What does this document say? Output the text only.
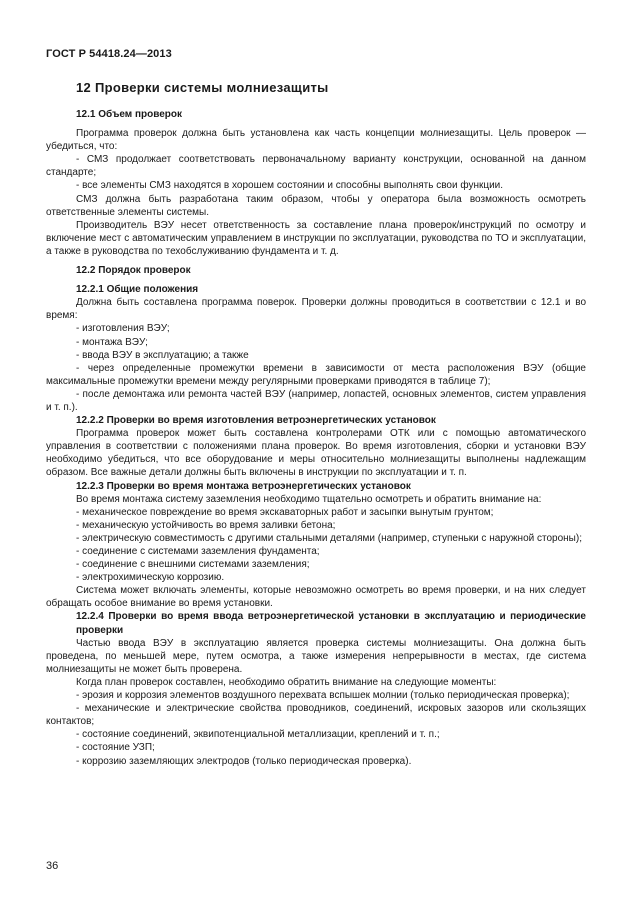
ГОСТ Р 54418.24—2013
12 Проверки системы молниезащиты
12.1 Объем проверок

Программа проверок должна быть установлена как часть концепции молниезащиты. Цель проверок — убедиться, что:

- СМЗ продолжает соответствовать первоначальному варианту конструкции, основанной на данном стандарте;

- все элементы СМЗ находятся в хорошем состоянии и способны выполнять свои функции.

СМЗ должна быть разработана таким образом, чтобы у оператора была возможность осмотреть ответственные элементы системы.

Производитель ВЭУ несет ответственность за составление плана проверок/инструкций по осмотру и включение мест с автоматическим управлением в инструкции по эксплуатации, руководства по ТО и эксплуатации, а также в руководства по техобслуживанию фундамента и т. д.

12.2 Порядок проверок
12.2.1 Общие положения

Должна быть составлена программа поверок. Проверки должны проводиться в соответствии с 12.1 и во время:

- изготовления ВЭУ;

- монтажа ВЭУ;

- ввода ВЭУ в эксплуатацию; а также

- через определенные промежутки времени в зависимости от места расположения ВЭУ (общие максимальные промежутки времени между регулярными проверками приводятся в таблице 7);

- после демонтажа или ремонта частей ВЭУ (например, лопастей, основных элементов, систем управления и т. п.).

12.2.2 Проверки во время изготовления ветроэнергетических установок

Программа проверок может быть составлена контролерами ОТК или с помощью автоматического управления в соответствии с положениями плана проверок. Во время изготовления, сборки и установки ВЭУ необходимо убедиться, что все оборудование и меры относительно молниезащиты выполнены надлежащим образом. Все важные детали должны быть включены в инструкции по эксплуатации и т. п.

12.2.3 Проверки во время монтажа ветроэнергетических установок

Во время монтажа систему заземления необходимо тщательно осмотреть и обратить внимание на:

- механическое повреждение во время экскаваторных работ и засыпки вынутым грунтом;

- механическую устойчивость во время заливки бетона;

- электрическую совместимость с другими стальными деталями (например, ступеньки с наружной стороны);

- соединение с системами заземления фундамента;

- соединение с внешними системами заземления;

- электрохимическую коррозию.

Система может включать элементы, которые невозможно осмотреть во время проверки, и на них следует обращать особое внимание во время установки.

12.2.4 Проверки во время ввода ветроэнергетической установки в эксплуатацию и периодические проверки

Частью ввода ВЭУ в эксплуатацию является проверка системы молниезащиты. Она должна быть проведена, по меньшей мере, путем осмотра, а также измерения непрерывности в местах, где система молниезащиты не может быть проверена.

Когда план проверок составлен, необходимо обратить внимание на следующие моменты:

- эрозия и коррозия элементов воздушного перехвата вспышек молнии (только периодическая проверка);

- механические и электрические свойства проводников, соединений, искровых зазоров или скользящих контактов;

- состояние соединений, эквипотенциальной металлизации, креплений и т. п.;

- состояние УЗП;

- коррозию заземляющих электродов (только периодическая проверка).

36
